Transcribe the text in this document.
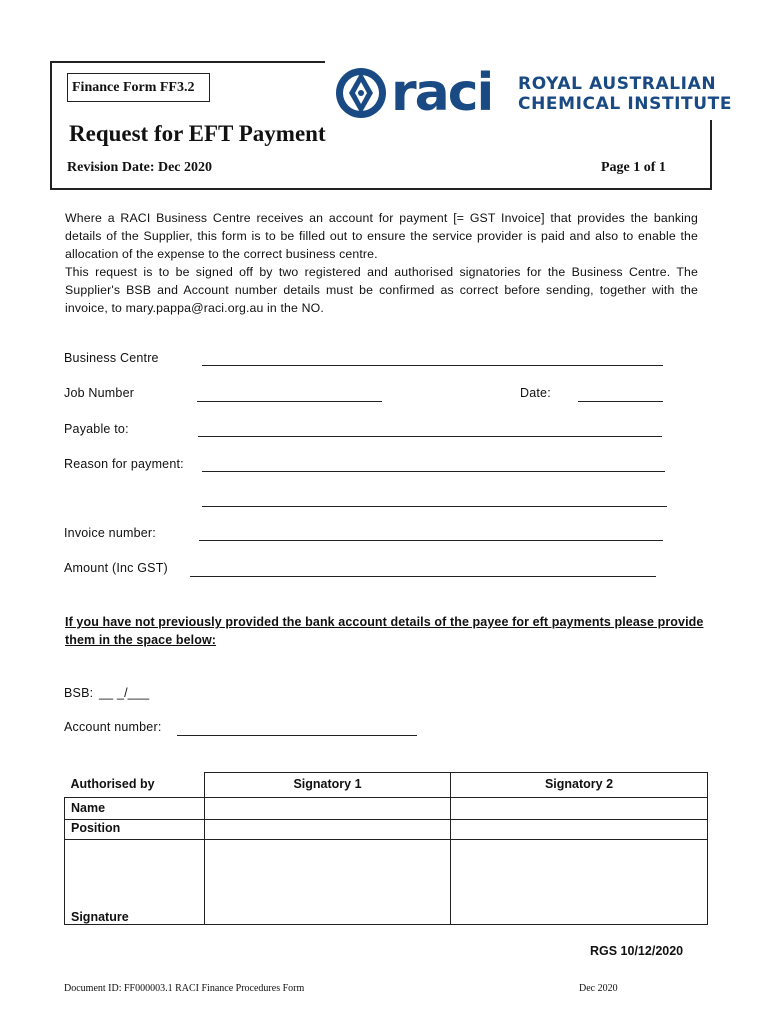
Finance Form FF3.2	raci ROYAL AUSTRALIAN
CHEMICAL INSTITUTE
Request for EFT Payment
Revision Date: Dec 2020	Page 1 of 1

Where a RACI Business Centre receives an account for payment [= GST Invoice] that provides the banking details of the Supplier, this form is to be filled out to ensure the service provider is paid and also to enable the allocation of the expense to the correct business centre.

This request is to be signed off by two registered and authorised signatories for the Business Centre. The Supplier's BSB and Account number details must be confirmed as correct before sending, together with the invoice, to mary.pappa@raci.org.au in the NO.

Business Centre
Job Number	Date:
Payable to:
Reason for payment:
Invoice number:
Amount (Inc GST)
If you have not previously provided the bank account details of the payee for eft payments please provide them in the space below:
BSB: __ _/___
Account number:
Authorised by	Signatory 1	Signatory 2
Name		
Position		
Signature		
RGS 10/12/2020
Document ID: FF000003.1 RACI Finance Procedures Form	Dec 2020
